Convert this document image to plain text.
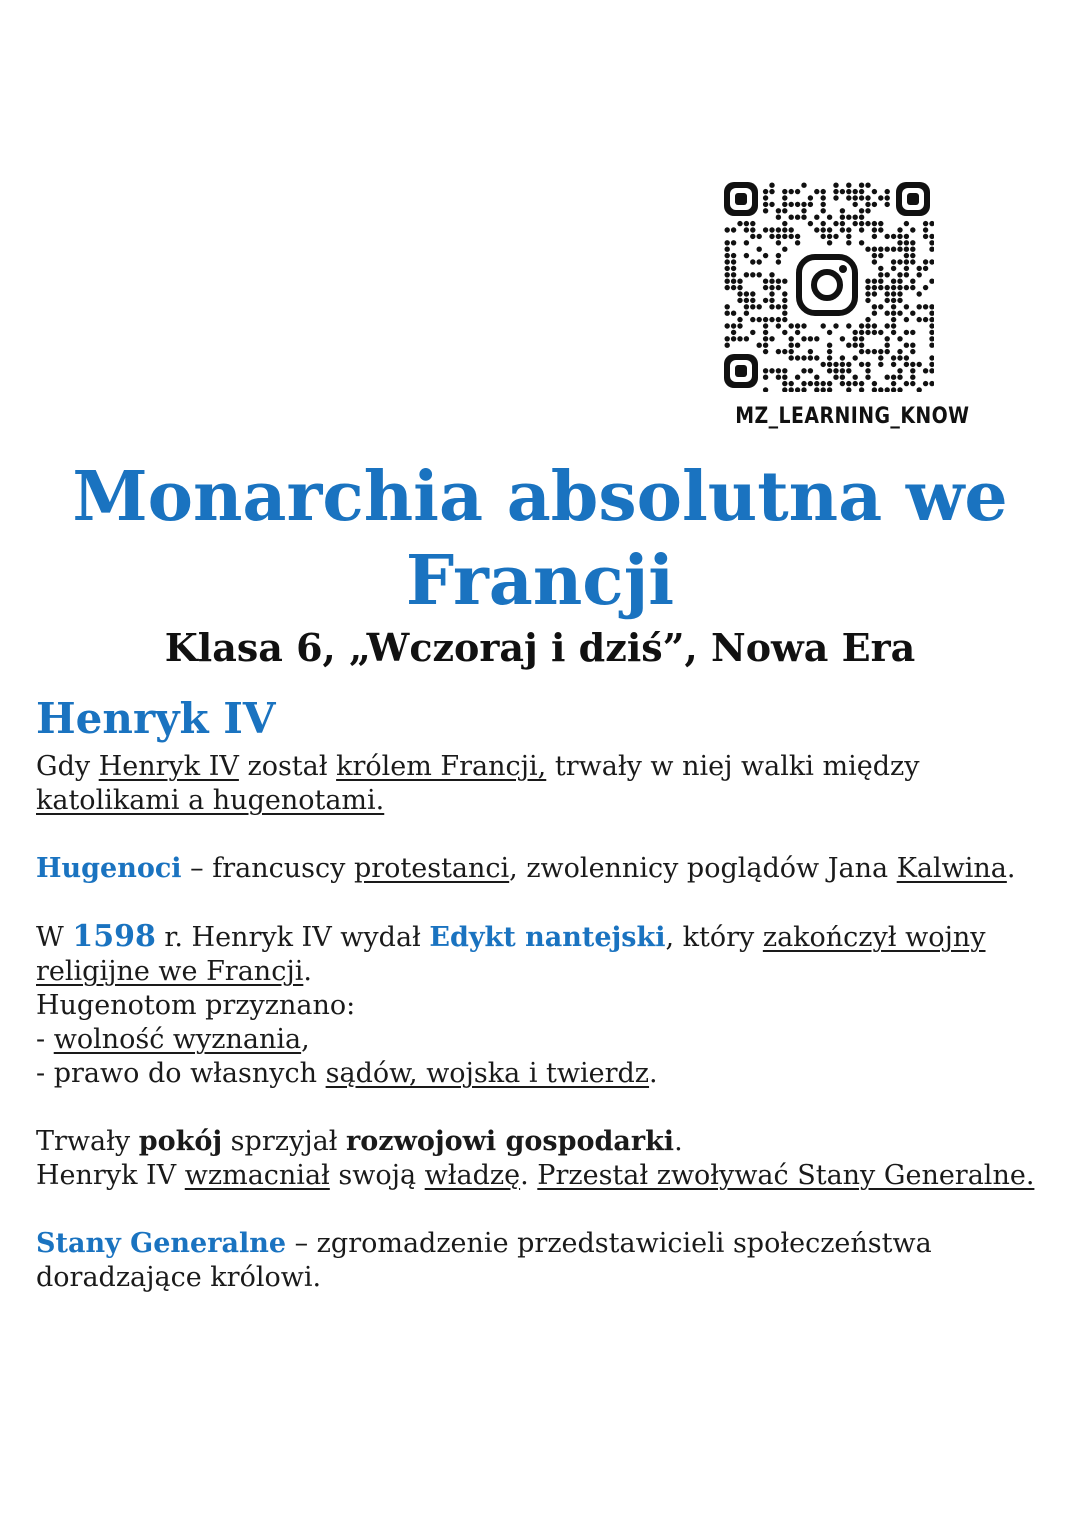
MZ_LEARNING_KNOW
Monarchia absolutna we
Francji
Klasa 6, „Wczoraj i dziś”, Nowa Era
Henryk IV

Gdy Henryk IV został królem Francji, trwały w niej walki między katolikami a hugenotami.

Hugenoci – francuscy protestanci, zwolennicy poglądów Jana Kalwina.

W 1598 r. Henryk IV wydał Edykt nantejski, który zakończył wojny religijne we Francji.

Hugenotom przyznano:
- wolność wyznania,
- prawo do własnych sądów, wojska i twierdz.

Trwały pokój sprzyjał rozwojowi gospodarki.
Henryk IV wzmacniał swoją władzę. Przestał zwoływać Stany Generalne.

Stany Generalne – zgromadzenie przedstawicieli społeczeństwa doradzające królowi.
